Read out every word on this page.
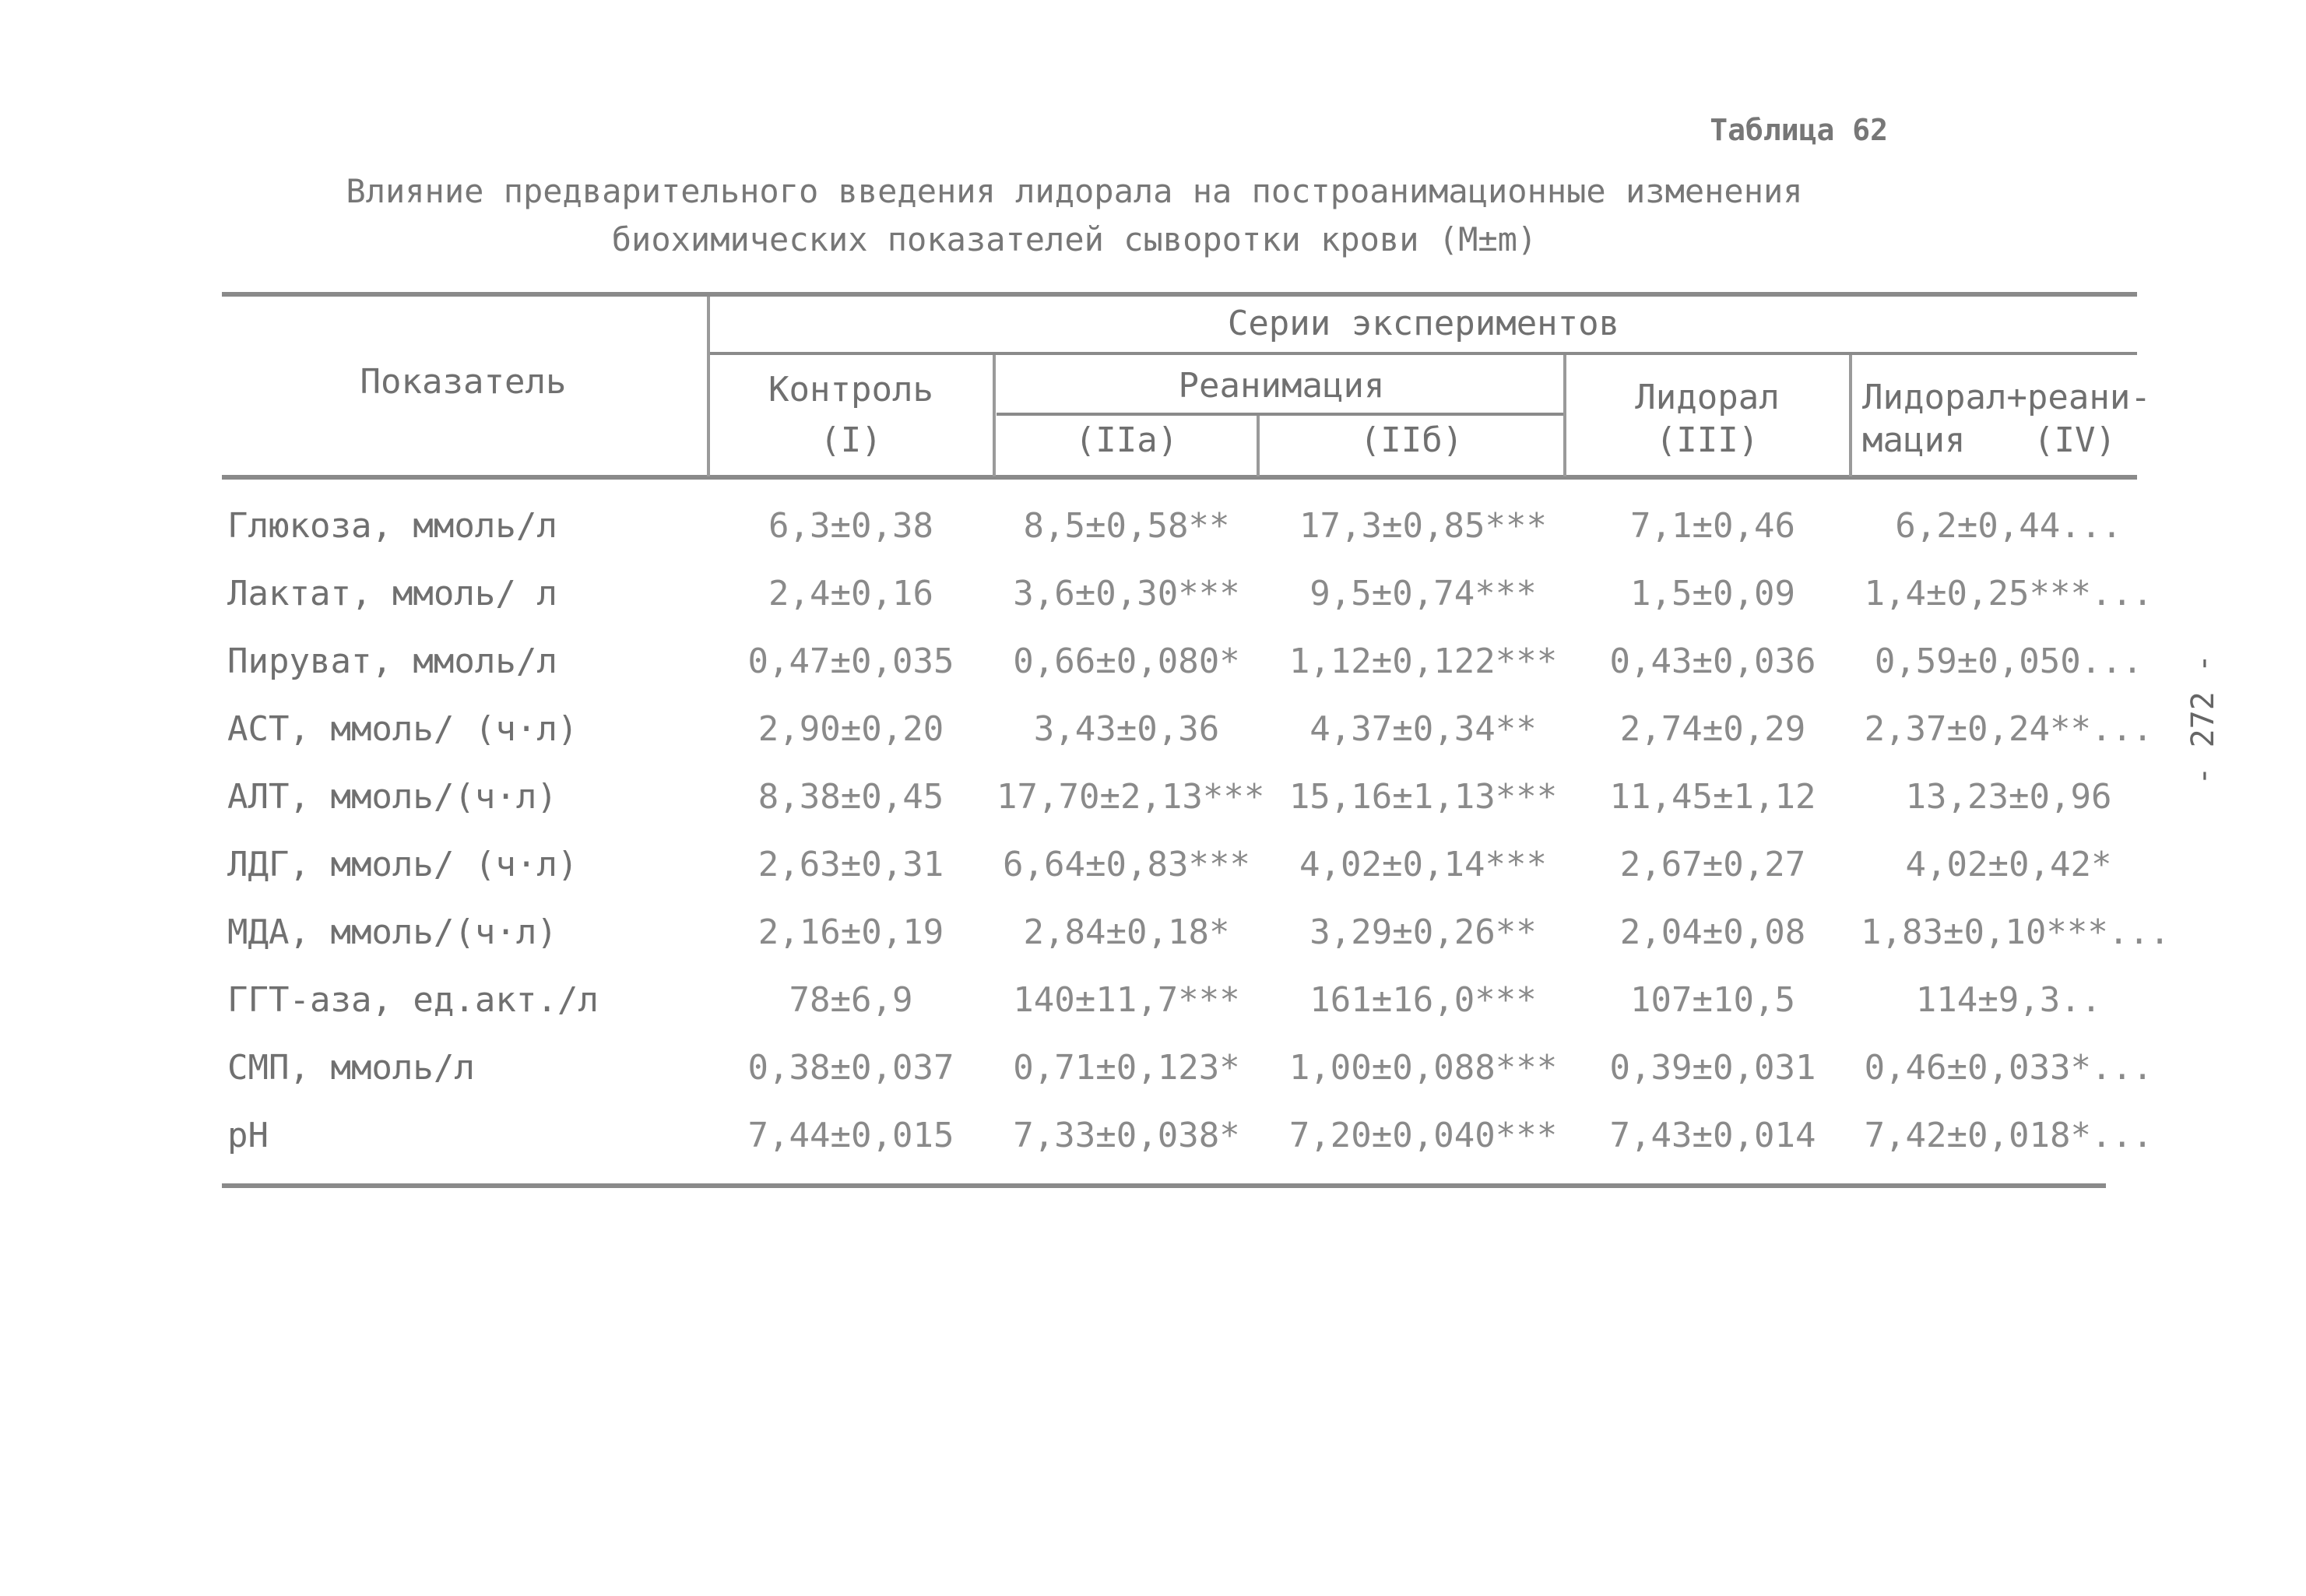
Таблица 62
Влияние предварительного введения лидорала на построанимационные изменения
биохимических показателей сыворотки крови (М±m)
Показатель
Серии экспериментов
Контроль
(I)
Реанимация
(IIа)	(IIб)
Лидорал
(III)
Лидорал+реани-
мация	(IV)
Глюкоза, ммоль/л	6,3±0,38	8,5±0,58**	17,3±0,85***	7,1±0,46	6,2±0,44...
Лактат, ммоль/ л	2,4±0,16	3,6±0,30***	9,5±0,74***	1,5±0,09	1,4±0,25***...
Пируват, ммоль/л	0,47±0,035	0,66±0,080*	1,12±0,122***	0,43±0,036	0,59±0,050...
АСТ, ммоль/ (ч·л)	2,90±0,20	3,43±0,36	4,37±0,34**	2,74±0,29	2,37±0,24**...
АЛТ, ммоль/(ч·л)	8,38±0,45	17,70±2,13*** 15,16±1,13***	11,45±1,12	13,23±0,96
ЛДГ, ммоль/ (ч·л)	2,63±0,31	6,64±0,83***	4,02±0,14***	2,67±0,27	4,02±0,42*
МДА, ммоль/(ч·л)	2,16±0,19	2,84±0,18*	3,29±0,26**	2,04±0,08	1,83±0,10***...
ГГТ-аза, ед.акт./л	78±6,9	140±11,7***	161±16,0***	107±10,5	114±9,3..
СМП, ммоль/л	0,38±0,037	0,71±0,123*	1,00±0,088***	0,39±0,031	0,46±0,033*...
pH	7,44±0,015	7,33±0,038*	7,20±0,040***	7,43±0,014	7,42±0,018*...
- 272 -
